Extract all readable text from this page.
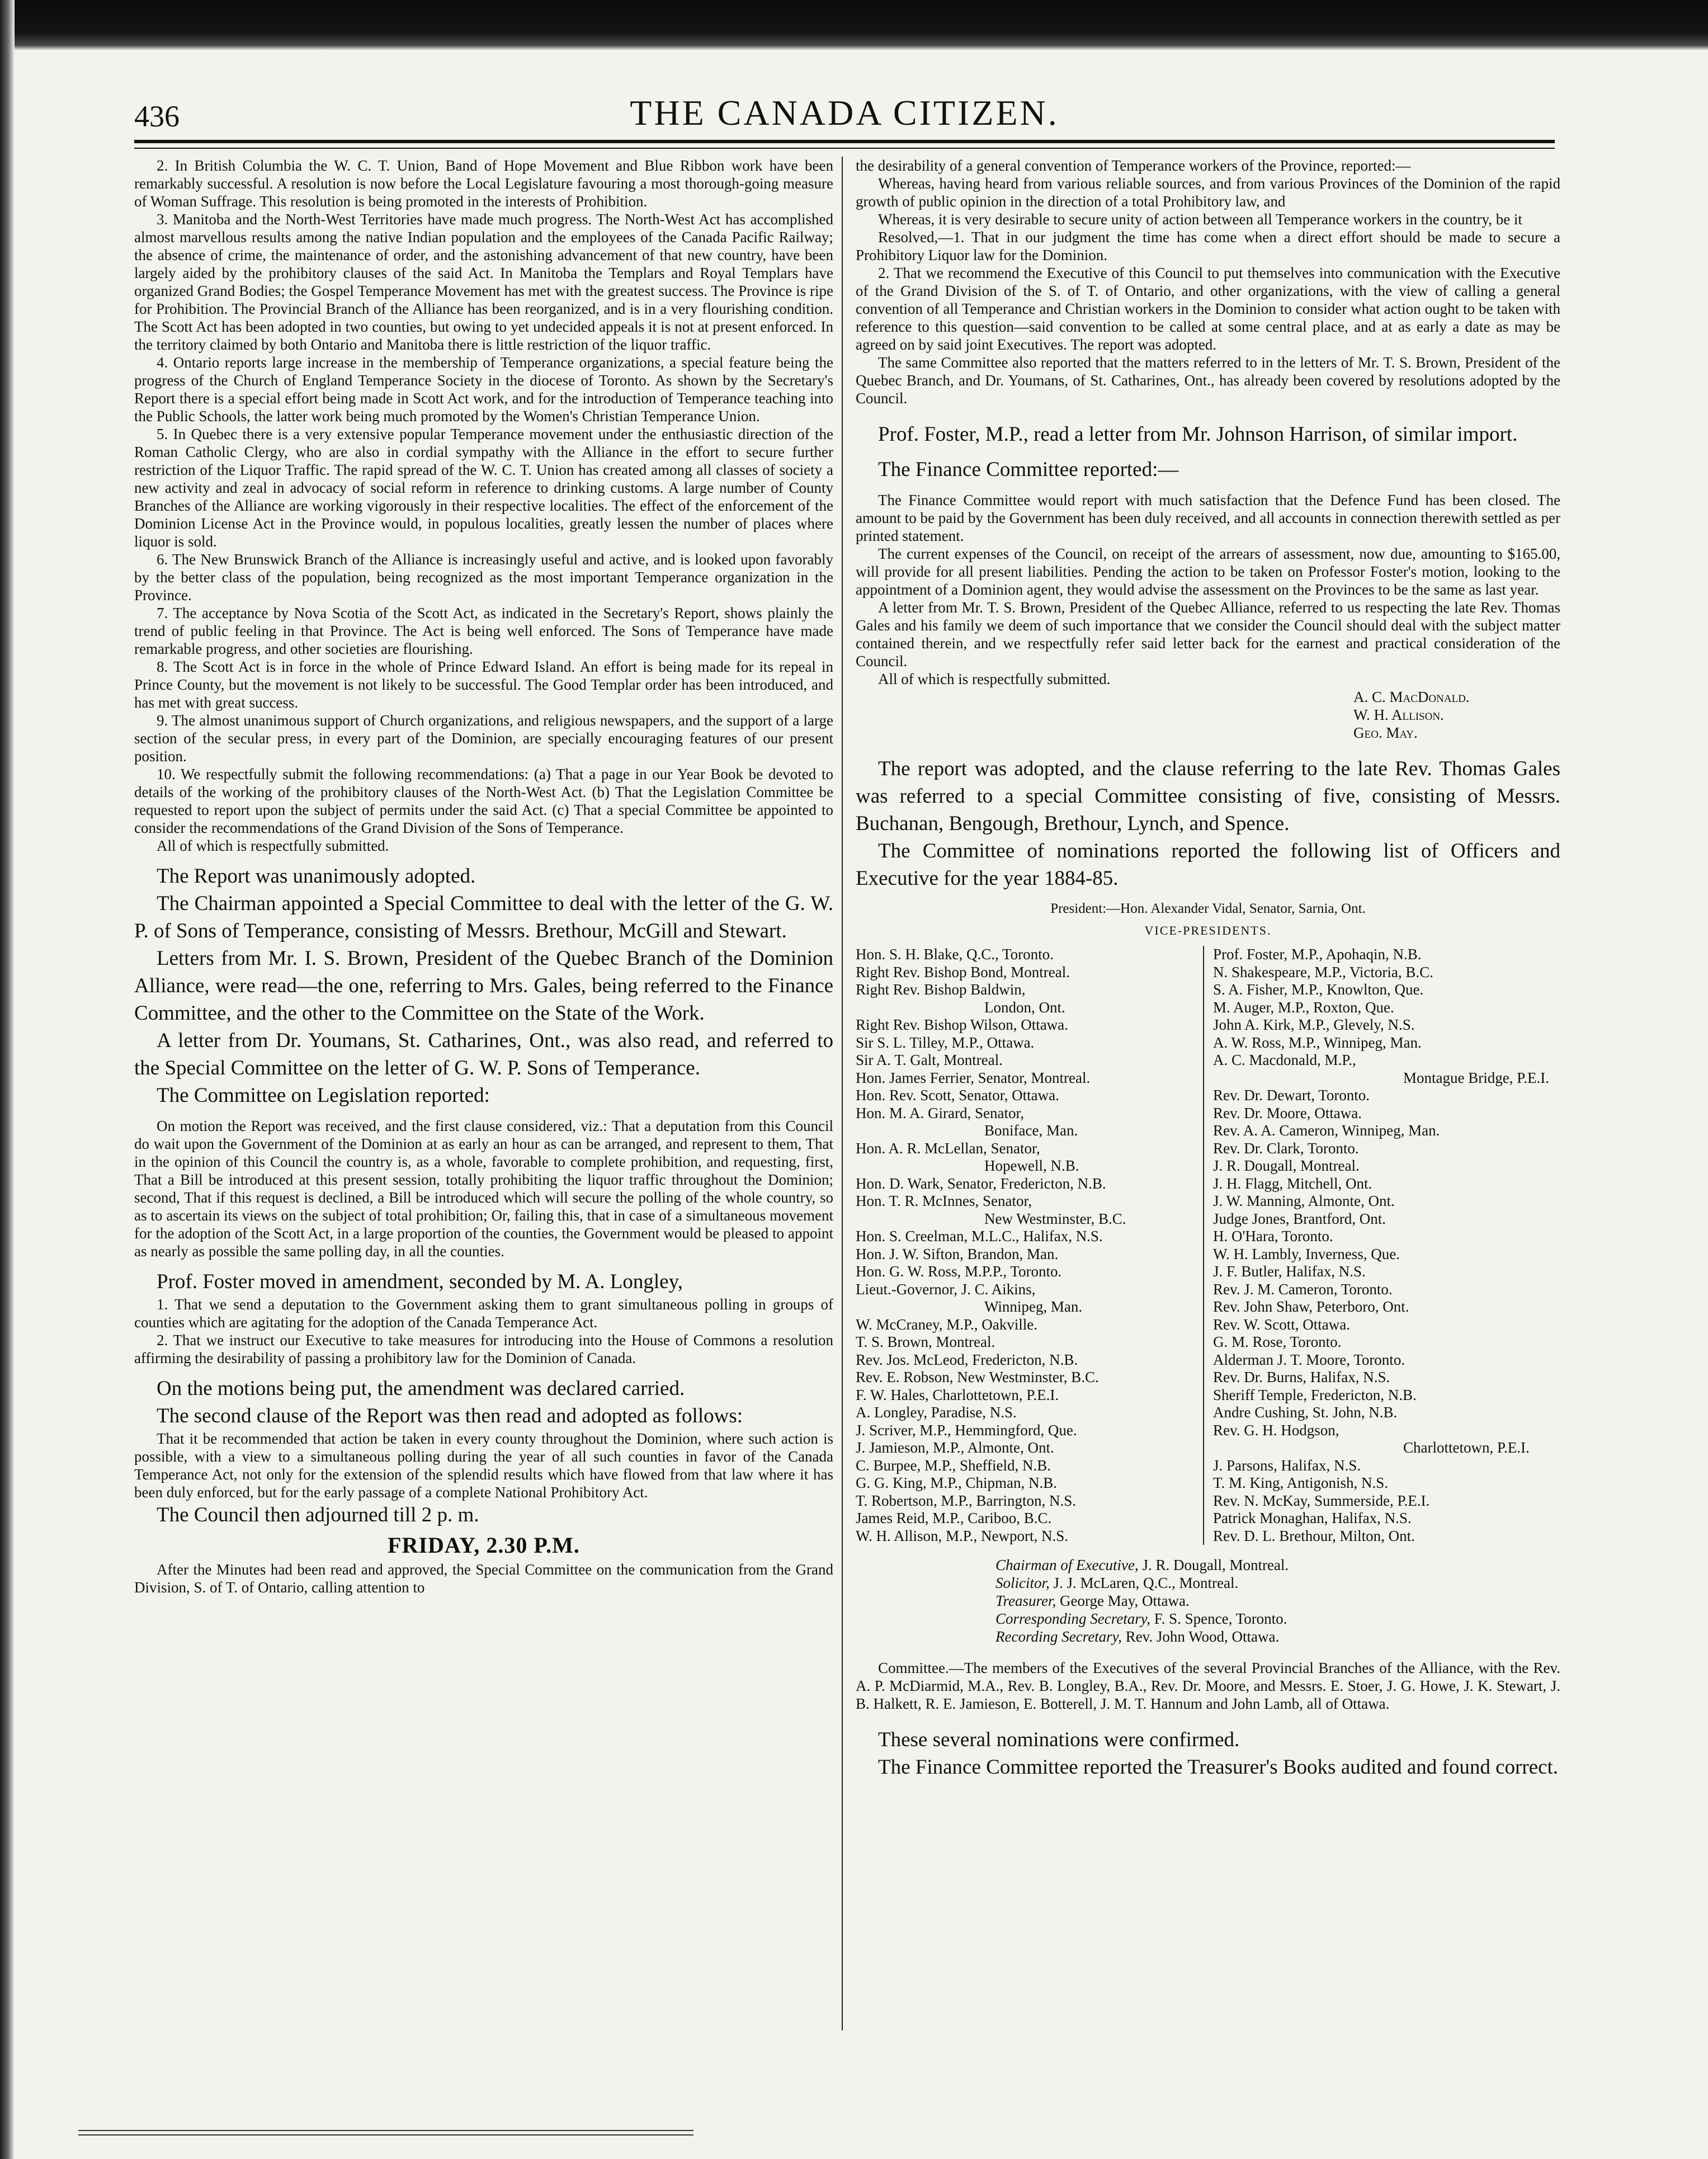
436	THE CANADA CITIZEN.

2. In British Columbia the W. C. T. Union, Band of Hope Movement and Blue Ribbon work have been remarkably successful. A resolution is now before the Local Legislature favouring a most thorough-going measure of Woman Suffrage. This resolution is being promoted in the interests of Prohibition.

3. Manitoba and the North-West Territories have made much progress. The North-West Act has accomplished almost marvellous results among the native Indian population and the employees of the Canada Pacific Railway; the absence of crime, the maintenance of order, and the astonishing advancement of that new country, have been largely aided by the prohibitory clauses of the said Act. In Manitoba the Templars and Royal Templars have organized Grand Bodies; the Gospel Temperance Movement has met with the greatest success. The Province is ripe for Prohibition. The Provincial Branch of the Alliance has been reorganized, and is in a very flourishing condition. The Scott Act has been adopted in two counties, but owing to yet undecided appeals it is not at present enforced. In the territory claimed by both Ontario and Manitoba there is little restriction of the liquor traffic.

4. Ontario reports large increase in the membership of Temperance organizations, a special feature being the progress of the Church of England Temperance Society in the diocese of Toronto. As shown by the Secretary's Report there is a special effort being made in Scott Act work, and for the introduction of Temperance teaching into the Public Schools, the latter work being much promoted by the Women's Christian Temperance Union.

5. In Quebec there is a very extensive popular Temperance movement under the enthusiastic direction of the Roman Catholic Clergy, who are also in cordial sympathy with the Alliance in the effort to secure further restriction of the Liquor Traffic. The rapid spread of the W. C. T. Union has created among all classes of society a new activity and zeal in advocacy of social reform in reference to drinking customs. A large number of County Branches of the Alliance are working vigorously in their respective localities. The effect of the enforcement of the Dominion License Act in the Province would, in populous localities, greatly lessen the number of places where liquor is sold.

6. The New Brunswick Branch of the Alliance is increasingly useful and active, and is looked upon favorably by the better class of the population, being recognized as the most important Temperance organization in the Province.

7. The acceptance by Nova Scotia of the Scott Act, as indicated in the Secretary's Report, shows plainly the trend of public feeling in that Province. The Act is being well enforced. The Sons of Temperance have made remarkable progress, and other societies are flourishing.

8. The Scott Act is in force in the whole of Prince Edward Island. An effort is being made for its repeal in Prince County, but the movement is not likely to be successful. The Good Templar order has been introduced, and has met with great success.

9. The almost unanimous support of Church organizations, and religious newspapers, and the support of a large section of the secular press, in every part of the Dominion, are specially encouraging features of our present position.

10. We respectfully submit the following recommendations: (a) That a page in our Year Book be devoted to details of the working of the prohibitory clauses of the North-West Act. (b) That the Legislation Committee be requested to report upon the subject of permits under the said Act. (c) That a special Committee be appointed to consider the recommendations of the Grand Division of the Sons of Temperance.

All of which is respectfully submitted.

The Report was unanimously adopted.

The Chairman appointed a Special Committee to deal with the letter of the G. W. P. of Sons of Temperance, consisting of Messrs. Brethour, McGill and Stewart.

Letters from Mr. I. S. Brown, President of the Quebec Branch of the Dominion Alliance, were read—the one, referring to Mrs. Gales, being referred to the Finance Committee, and the other to the Committee on the State of the Work.

A letter from Dr. Youmans, St. Catharines, Ont., was also read, and referred to the Special Committee on the letter of G. W. P. Sons of Temperance.

The Committee on Legislation reported:

On motion the Report was received, and the first clause considered, viz.: That a deputation from this Council do wait upon the Government of the Dominion at as early an hour as can be arranged, and represent to them, That in the opinion of this Council the country is, as a whole, favorable to complete prohibition, and requesting, first, That a Bill be introduced at this present session, totally prohibiting the liquor traffic throughout the Dominion; second, That if this request is declined, a Bill be introduced which will secure the polling of the whole country, so as to ascertain its views on the subject of total prohibition; Or, failing this, that in case of a simultaneous movement for the adoption of the Scott Act, in a large proportion of the counties, the Government would be pleased to appoint as nearly as possible the same polling day, in all the counties.

Prof. Foster moved in amendment, seconded by M. A. Longley,

1. That we send a deputation to the Government asking them to grant simultaneous polling in groups of counties which are agitating for the adoption of the Canada Temperance Act.

2. That we instruct our Executive to take measures for introducing into the House of Commons a resolution affirming the desirability of passing a prohibitory law for the Dominion of Canada.

On the motions being put, the amendment was declared carried.

The second clause of the Report was then read and adopted as follows:

That it be recommended that action be taken in every county throughout the Dominion, where such action is possible, with a view to a simultaneous polling during the year of all such counties in favor of the Canada Temperance Act, not only for the extension of the splendid results which have flowed from that law where it has been duly enforced, but for the early passage of a complete National Prohibitory Act.

The Council then adjourned till 2 p. m.

FRIDAY, 2.30 P.M.

After the Minutes had been read and approved, the Special Committee on the communication from the Grand Division, S. of T. of Ontario, calling attention to

the desirability of a general convention of Temperance workers of the Province, reported:—

Whereas, having heard from various reliable sources, and from various Provinces of the Dominion of the rapid growth of public opinion in the direction of a total Prohibitory law, and

Whereas, it is very desirable to secure unity of action between all Temperance workers in the country, be it

Resolved,—1. That in our judgment the time has come when a direct effort should be made to secure a Prohibitory Liquor law for the Dominion.

2. That we recommend the Executive of this Council to put themselves into communication with the Executive of the Grand Division of the S. of T. of Ontario, and other organizations, with the view of calling a general convention of all Temperance and Christian workers in the Dominion to consider what action ought to be taken with reference to this question—said convention to be called at some central place, and at as early a date as may be agreed on by said joint Executives. The report was adopted.

The same Committee also reported that the matters referred to in the letters of Mr. T. S. Brown, President of the Quebec Branch, and Dr. Youmans, of St. Catharines, Ont., has already been covered by resolutions adopted by the Council.

Prof. Foster, M.P., read a letter from Mr. Johnson Harrison, of similar import.

The Finance Committee reported:—

The Finance Committee would report with much satisfaction that the Defence Fund has been closed. The amount to be paid by the Government has been duly received, and all accounts in connection therewith settled as per printed statement.

The current expenses of the Council, on receipt of the arrears of assessment, now due, amounting to $165.00, will provide for all present liabilities. Pending the action to be taken on Professor Foster's motion, looking to the appointment of a Dominion agent, they would advise the assessment on the Provinces to be the same as last year.

A letter from Mr. T. S. Brown, President of the Quebec Alliance, referred to us respecting the late Rev. Thomas Gales and his family we deem of such importance that we consider the Council should deal with the subject matter contained therein, and we respectfully refer said letter back for the earnest and practical consideration of the Council.

All of which is respectfully submitted.

A. C. MacDonald.
W. H. Allison.
Geo. May.

The report was adopted, and the clause referring to the late Rev. Thomas Gales was referred to a special Committee consisting of five, consisting of Messrs. Buchanan, Bengough, Brethour, Lynch, and Spence.

The Committee of nominations reported the following list of Officers and Executive for the year 1884-85.

President:—Hon. Alexander Vidal, Senator, Sarnia, Ont.
VICE-PRESIDENTS.
Hon. S. H. Blake, Q.C., Toronto.
Right Rev. Bishop Bond, Montreal.
Right Rev. Bishop Baldwin,
London, Ont.
Right Rev. Bishop Wilson, Ottawa.
Sir S. L. Tilley, M.P., Ottawa.
Sir A. T. Galt, Montreal.
Hon. James Ferrier, Senator, Montreal.
Hon. Rev. Scott, Senator, Ottawa.
Hon. M. A. Girard, Senator,
Boniface, Man.
Hon. A. R. McLellan, Senator,
Hopewell, N.B.
Hon. D. Wark, Senator, Fredericton, N.B.
Hon. T. R. McInnes, Senator,
New Westminster, B.C.
Hon. S. Creelman, M.L.C., Halifax, N.S.
Hon. J. W. Sifton, Brandon, Man.
Hon. G. W. Ross, M.P.P., Toronto.
Lieut.-Governor, J. C. Aikins,
Winnipeg, Man.
W. McCraney, M.P., Oakville.
T. S. Brown, Montreal.
Rev. Jos. McLeod, Fredericton, N.B.
Rev. E. Robson, New Westminster, B.C.
F. W. Hales, Charlottetown, P.E.I.
A. Longley, Paradise, N.S.
J. Scriver, M.P., Hemmingford, Que.
J. Jamieson, M.P., Almonte, Ont.
C. Burpee, M.P., Sheffield, N.B.
G. G. King, M.P., Chipman, N.B.
T. Robertson, M.P., Barrington, N.S.
James Reid, M.P., Cariboo, B.C.
W. H. Allison, M.P., Newport, N.S.
Prof. Foster, M.P., Apohaqin, N.B.
N. Shakespeare, M.P., Victoria, B.C.
S. A. Fisher, M.P., Knowlton, Que.
M. Auger, M.P., Roxton, Que.
John A. Kirk, M.P., Glevely, N.S.
A. W. Ross, M.P., Winnipeg, Man.
A. C. Macdonald, M.P.,
Montague Bridge, P.E.I.
Rev. Dr. Dewart, Toronto.
Rev. Dr. Moore, Ottawa.
Rev. A. A. Cameron, Winnipeg, Man.
Rev. Dr. Clark, Toronto.
J. R. Dougall, Montreal.
J. H. Flagg, Mitchell, Ont.
J. W. Manning, Almonte, Ont.
Judge Jones, Brantford, Ont.
H. O'Hara, Toronto.
W. H. Lambly, Inverness, Que.
J. F. Butler, Halifax, N.S.
Rev. J. M. Cameron, Toronto.
Rev. John Shaw, Peterboro, Ont.
Rev. W. Scott, Ottawa.
G. M. Rose, Toronto.
Alderman J. T. Moore, Toronto.
Rev. Dr. Burns, Halifax, N.S.
Sheriff Temple, Fredericton, N.B.
Andre Cushing, St. John, N.B.
Rev. G. H. Hodgson,
Charlottetown, P.E.I.
J. Parsons, Halifax, N.S.
T. M. King, Antigonish, N.S.
Rev. N. McKay, Summerside, P.E.I.
Patrick Monaghan, Halifax, N.S.
Rev. D. L. Brethour, Milton, Ont.
Chairman of Executive, J. R. Dougall, Montreal.
Solicitor, J. J. McLaren, Q.C., Montreal.
Treasurer, George May, Ottawa.
Corresponding Secretary, F. S. Spence, Toronto.
Recording Secretary, Rev. John Wood, Ottawa.

Committee.—The members of the Executives of the several Provincial Branches of the Alliance, with the Rev. A. P. McDiarmid, M.A., Rev. B. Longley, B.A., Rev. Dr. Moore, and Messrs. E. Stoer, J. G. Howe, J. K. Stewart, J. B. Halkett, R. E. Jamieson, E. Botterell, J. M. T. Hannum and John Lamb, all of Ottawa.

These several nominations were confirmed.

The Finance Committee reported the Treasurer's Books audited and found correct.
